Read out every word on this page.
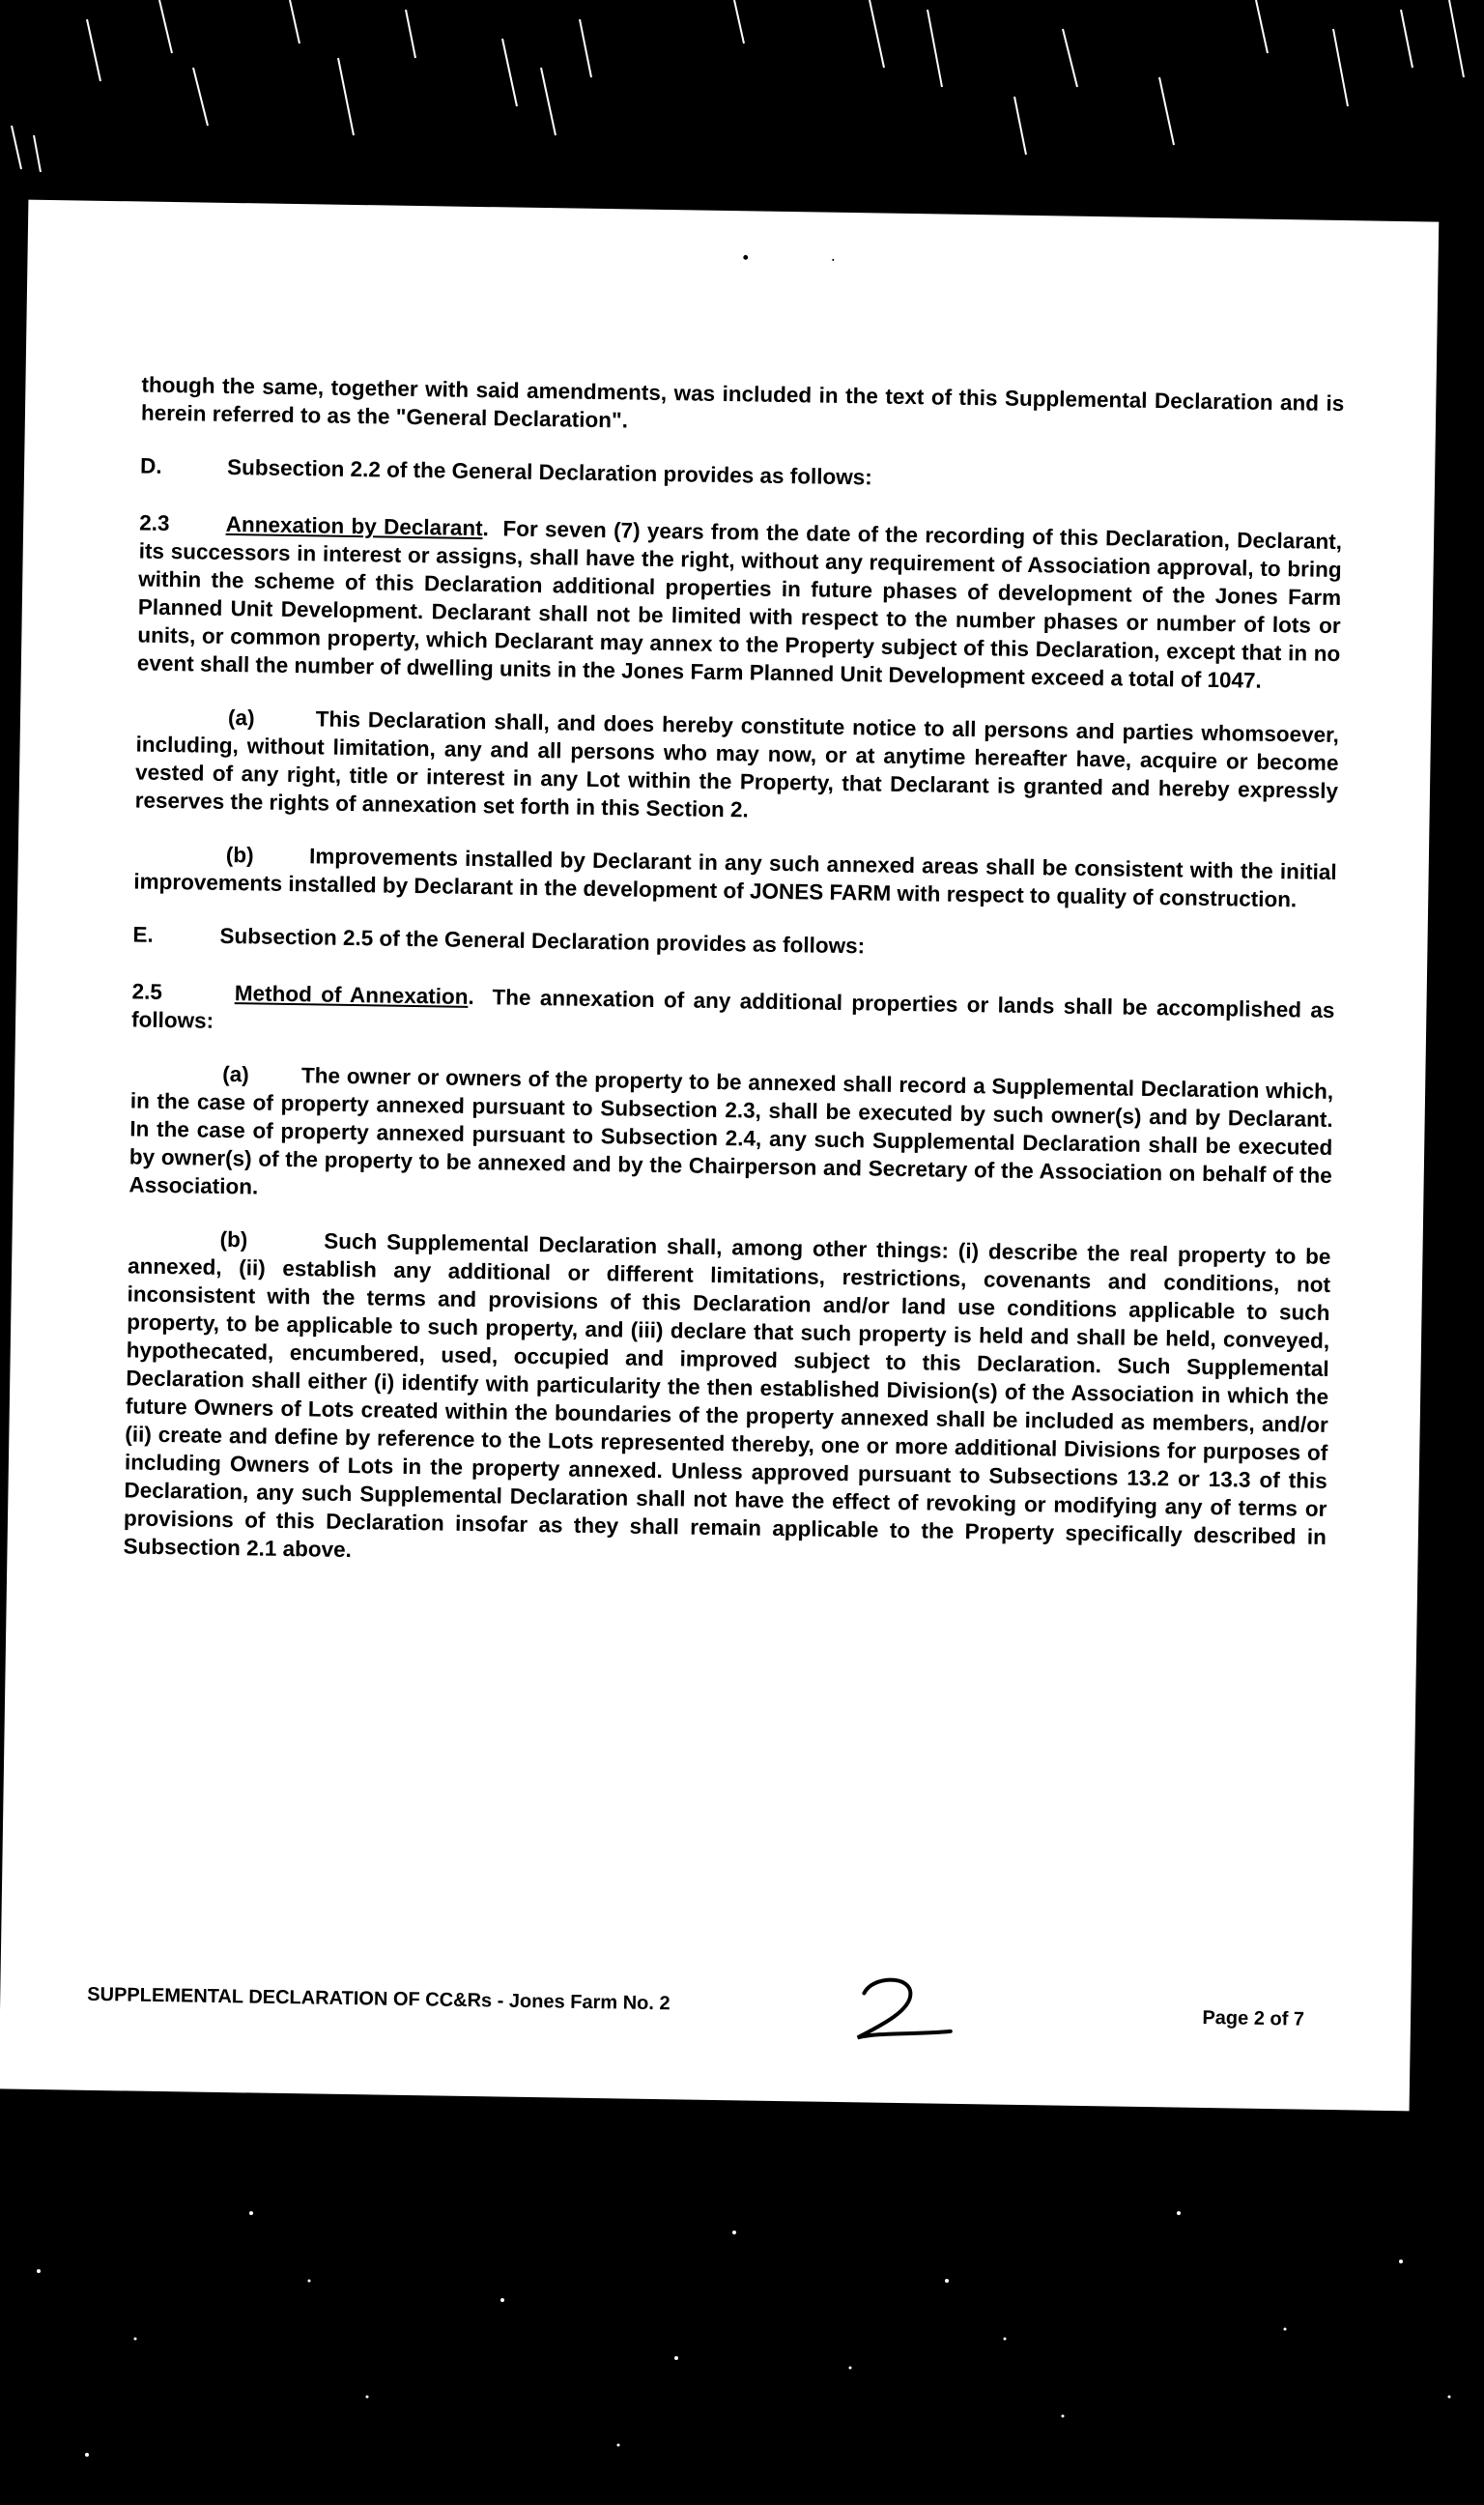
• ∙

though the same, together with said amendments, was included in the text of this Supplemental Declaration and is herein referred to as the "General Declaration".

D.	Subsection 2.2 of the General Declaration provides as follows:

2.3	Annexation by Declarant.  For seven (7) years from the date of the recording of this Declaration, Declarant, its successors in interest or assigns, shall have the right, without any requirement of Association approval, to bring within the scheme of this Declaration additional properties in future phases of development of the Jones Farm Planned Unit Development. Declarant shall not be limited with respect to the number phases or number of lots or units, or common property, which Declarant may annex to the Property subject of this Declaration, except that in no event shall the number of dwelling units in the Jones Farm Planned Unit Development exceed a total of 1047.

(a)	This Declaration shall, and does hereby constitute notice to all persons and parties whomsoever, including, without limitation, any and all persons who may now, or at anytime hereafter have, acquire or become vested of any right, title or interest in any Lot within the Property, that Declarant is granted and hereby expressly reserves the rights of annexation set forth in this Section 2.

(b)	Improvements installed by Declarant in any such annexed areas shall be consistent with the initial improvements installed by Declarant in the development of JONES FARM with respect to quality of construction.

E.	Subsection 2.5 of the General Declaration provides as follows:

2.5	Method of Annexation.  The annexation of any additional properties or lands shall be accomplished as follows:

(a) The owner or owners of the property to be annexed shall record a Supplemental Declaration which, in the case of property annexed pursuant to Subsection 2.3, shall be executed by such owner(s) and by Declarant. In the case of property annexed pursuant to Subsection 2.4, any such Supplemental Declaration shall be executed by owner(s) of the property to be annexed and by the Chairperson and Secretary of the Association on behalf of the Association.

(b)	Such Supplemental Declaration shall, among other things: (i) describe the real property to be annexed, (ii) establish any additional or different limitations, restrictions, covenants and conditions, not inconsistent with the terms and provisions of this Declaration and/or land use conditions applicable to such property, to be applicable to such property, and (iii) declare that such property is held and shall be held, conveyed, hypothecated, encumbered, used, occupied and improved subject to this Declaration. Such Supplemental Declaration shall either (i) identify with particularity the then established Division(s) of the Association in which the future Owners of Lots created within the boundaries of the property annexed shall be included as members, and/or (ii) create and define by reference to the Lots represented thereby, one or more additional Divisions for purposes of including Owners of Lots in the property annexed. Unless approved pursuant to Subsections 13.2 or 13.3 of this Declaration, any such Supplemental Declaration shall not have the effect of revoking or modifying any of terms or provisions of this Declaration insofar as they shall remain applicable to the Property specifically described in Subsection 2.1 above.

SUPPLEMENTAL DECLARATION OF CC&Rs - Jones Farm No. 2
Page 2 of 7
